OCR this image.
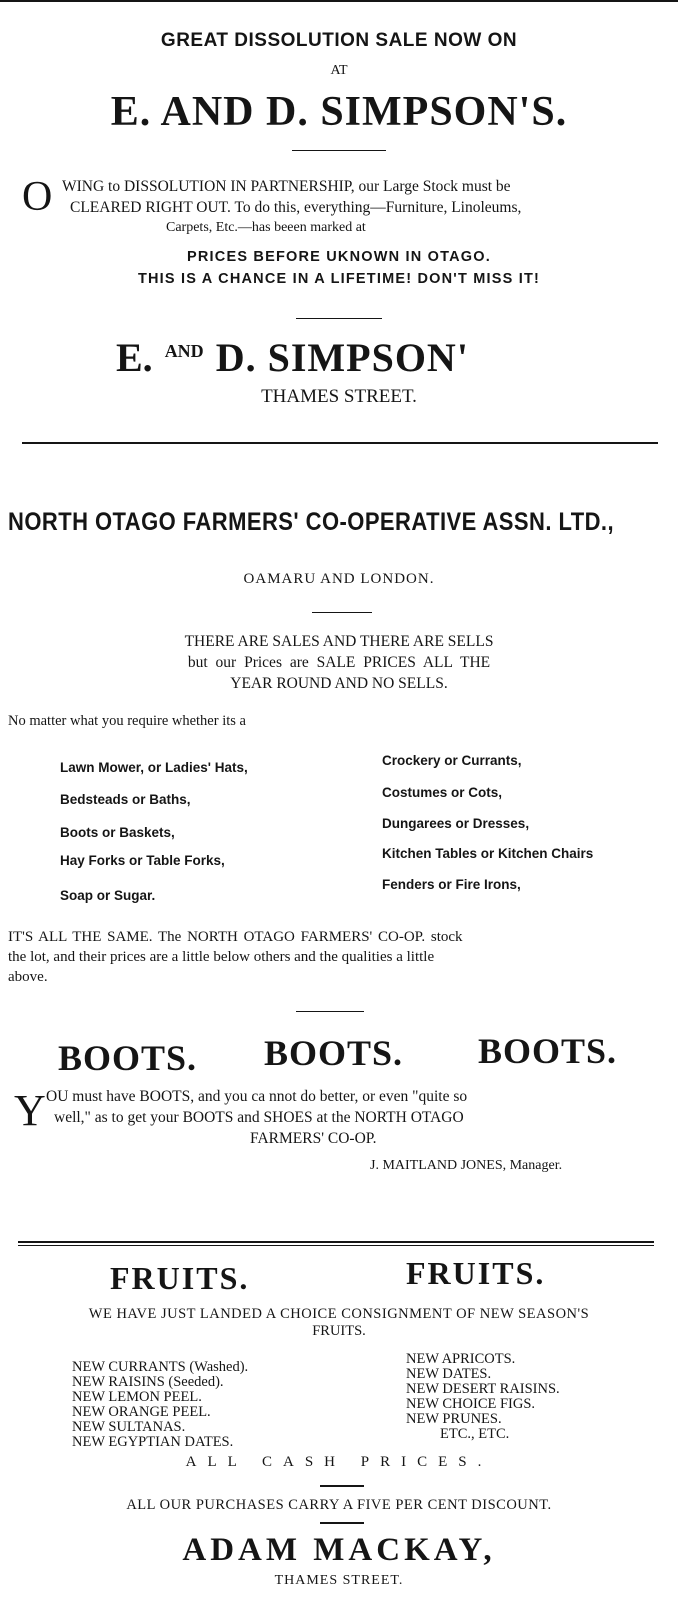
GREAT DISSOLUTION SALE NOW ON
AT
E. AND D. SIMPSON'S.
O WING to DISSOLUTION IN PARTNERSHIP, our Large Stock must be
CLEARED RIGHT OUT. To do this, everything—Furniture, Linoleums,
Carpets, Etc.—has beeen marked at
PRICES BEFORE UKNOWN IN OTAGO.
THIS IS A CHANCE IN A LIFETIME! DON'T MISS IT!
E. AND D. SIMPSON'
THAMES STREET.
NORTH OTAGO FARMERS' CO-OPERATIVE ASSN. LTD.,
OAMARU AND LONDON.
THERE ARE SALES AND THERE ARE SELLS
but our Prices are SALE PRICES ALL THE
YEAR ROUND AND NO SELLS.
No matter what you require whether its a
Lawn Mower, or Ladies' Hats,
Bedsteads or Baths,
Boots or Baskets,
Hay Forks or Table Forks,
Soap or Sugar.
Crockery or Currants,
Costumes or Cots,
Dungarees or Dresses,
Kitchen Tables or Kitchen Chairs
Fenders or Fire Irons,
IT'S ALL THE SAME. The NORTH OTAGO FARMERS' CO-OP. stock
the lot, and their prices are a little below others and the qualities a little
above.
BOOTS. BOOTS. BOOTS.
Y OU must have BOOTS, and you ca nnot do better, or even "quite so
well," as to get your BOOTS and SHOES at the NORTH OTAGO
FARMERS' CO-OP.
J. MAITLAND JONES, Manager.
FRUITS.	FRUITS.
WE HAVE JUST LANDED A CHOICE CONSIGNMENT OF NEW SEASON'S
FRUITS.
NEW CURRANTS (Washed).
NEW RAISINS (Seeded).
NEW LEMON PEEL.
NEW ORANGE PEEL.
NEW SULTANAS.
NEW EGYPTIAN DATES.
NEW APRICOTS.
NEW DATES.
NEW DESERT RAISINS.
NEW CHOICE FIGS.
NEW PRUNES.
ETC., ETC.
ALL CASH PRICES.
ALL OUR PURCHASES CARRY A FIVE PER CENT DISCOUNT.
ADAM MACKAY,
THAMES STREET.
